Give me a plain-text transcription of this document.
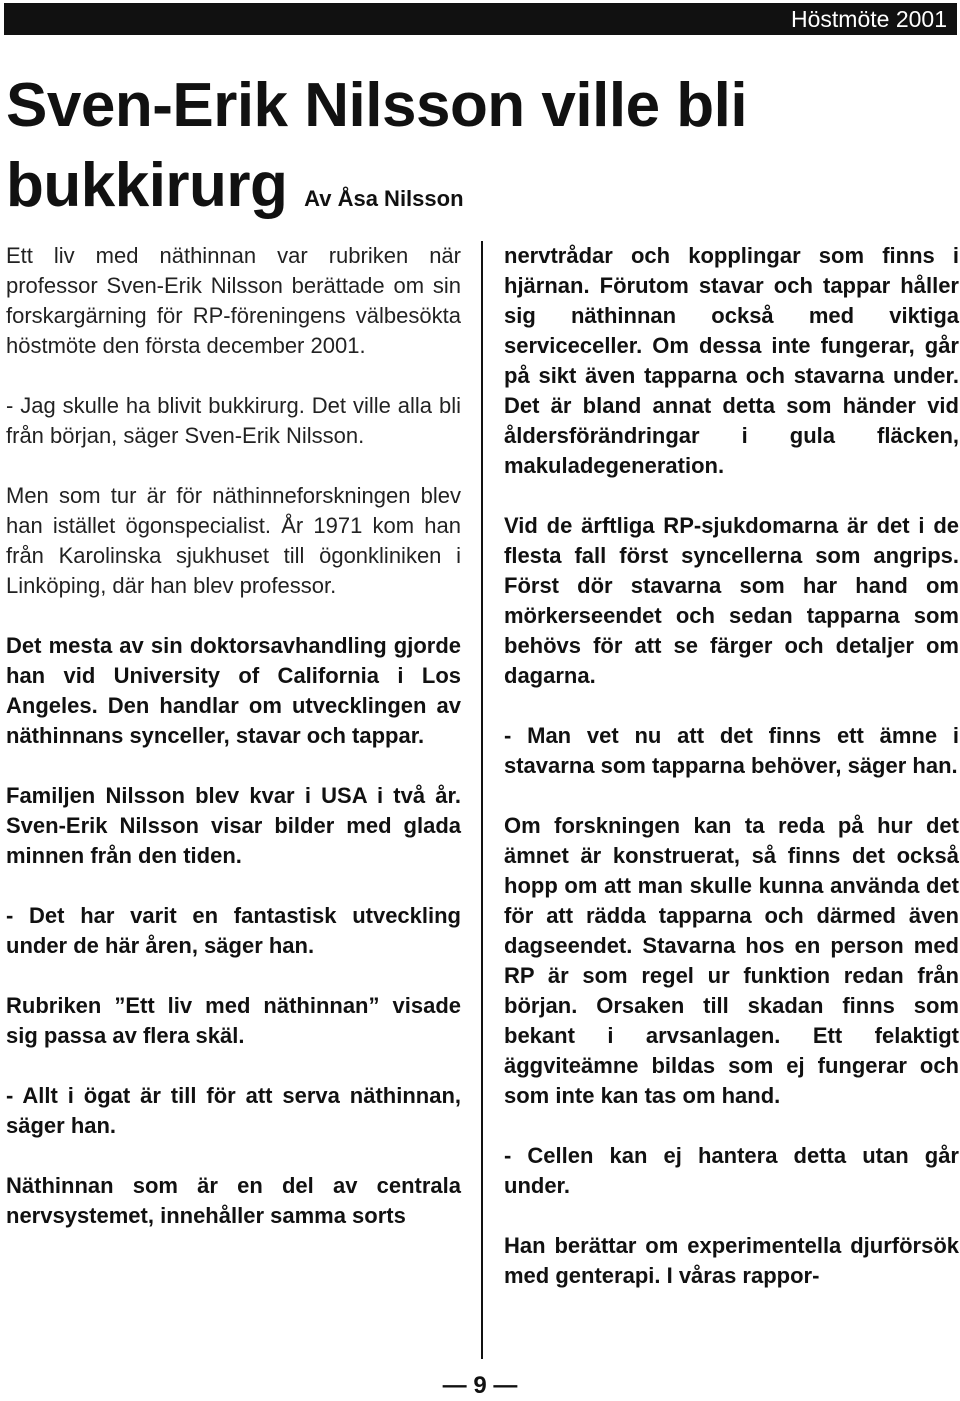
Höstmöte 2001
Sven-Erik Nilsson ville bli bukkirurg Av Åsa Nilsson

Ett liv med näthinnan var rubriken när professor Sven-Erik Nilsson berättade om sin forskargärning för RP-föreningens välbesökta höstmöte den första december 2001.

- Jag skulle ha blivit bukkirurg. Det ville alla bli från början, säger Sven-Erik Nilsson.

Men som tur är för näthinneforskningen blev han istället ögonspecialist. År 1971 kom han från Karolinska sjukhuset till ögonkliniken i Linköping, där han blev professor.

Det mesta av sin doktorsavhandling gjorde han vid University of California i Los Angeles. Den handlar om utvecklingen av näthinnans synceller, stavar och tappar.

Familjen Nilsson blev kvar i USA i två år. Sven-Erik Nilsson visar bilder med glada minnen från den tiden.

- Det har varit en fantastisk utveckling under de här åren, säger han.

Rubriken ”Ett liv med näthinnan” visade sig passa av flera skäl.

- Allt i ögat är till för att serva näthinnan, säger han.

Näthinnan som är en del av centrala nervsystemet, innehåller samma sorts

nervtrådar och kopplingar som finns i hjärnan. Förutom stavar och tappar håller sig näthinnan också med viktiga serviceceller. Om dessa inte fungerar, går på sikt även tapparna och stavarna under. Det är bland annat detta som händer vid åldersförändringar i gula fläcken, makuladegeneration.

Vid de ärftliga RP-sjukdomarna är det i de flesta fall först syncellerna som angrips. Först dör stavarna som har hand om mörkerseendet och sedan tapparna som behövs för att se färger och detaljer om dagarna.

- Man vet nu att det finns ett ämne i stavarna som tapparna behöver, säger han.

Om forskningen kan ta reda på hur det ämnet är konstruerat, så finns det också hopp om att man skulle kunna använda det för att rädda tapparna och därmed även dagseendet. Stavarna hos en person med RP är som regel ur funktion redan från början. Orsaken till skadan finns som bekant i arvsanlagen. Ett felaktigt äggviteämne bildas som ej fungerar och som inte kan tas om hand.

- Cellen kan ej hantera detta utan går under.

Han berättar om experimentella djurförsök med genterapi. I våras rappor-

— 9 —
